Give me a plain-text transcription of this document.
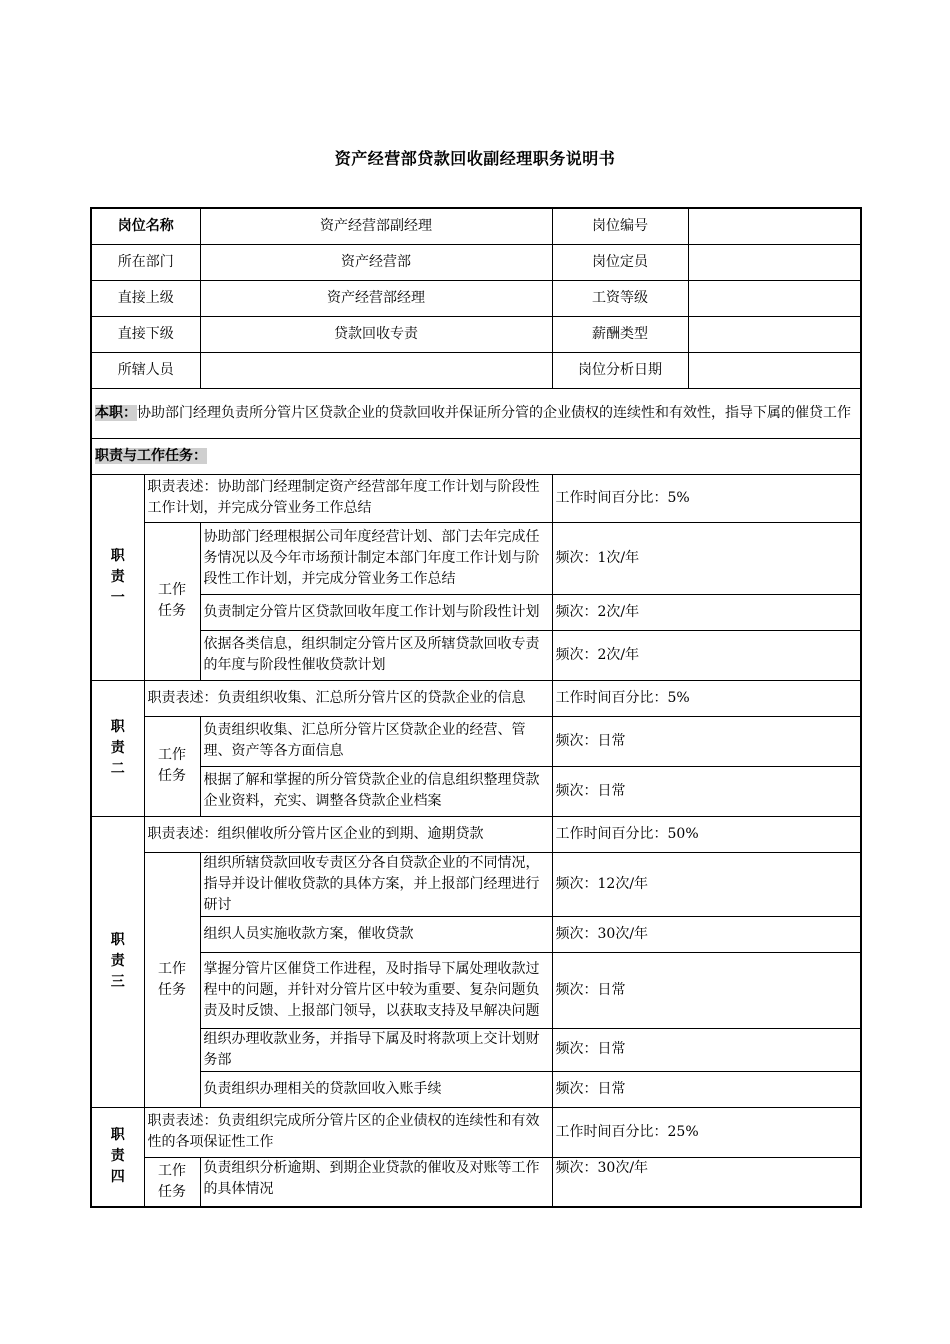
资产经营部贷款回收副经理职务说明书
岗位名称		资产经营部副经理	岗位编号	
所在部门		资产经营部	岗位定员	
直接上级		资产经营部经理	工资等级	
直接下级		贷款回收专责	薪酬类型	
所辖人员			岗位分析日期	
本职：协助部门经理负责所分管片区贷款企业的贷款回收并保证所分管的企业债权的连续性和有效性，指导下属的催贷工作				
职责与工作任务：				

职
责
一	职责表述：协助部门经理制定资产经营部年度工作计划与阶段性工作计划，并完成分管业务工作总结		工作时间百分比：5%	
	工作任务	协助部门经理根据公司年度经营计划、部门去年完成任务情况以及今年市场预计制定本部门年度工作计划与阶段性工作计划，并完成分管业务工作总结	频次：1次/年	
		负责制定分管片区贷款回收年度工作计划与阶段性计划	频次：2次/年	
		依据各类信息，组织制定分管片区及所辖贷款回收专责的年度与阶段性催收贷款计划	频次：2次/年	

职
责
二	职责表述：负责组织收集、汇总所分管片区的贷款企业的信息		工作时间百分比：5%	
	工作任务	负责组织收集、汇总所分管片区贷款企业的经营、管理、资产等各方面信息	频次：日常	
		根据了解和掌握的所分管贷款企业的信息组织整理贷款企业资料，充实、调整各贷款企业档案	频次：日常	

职
责
三	职责表述：组织催收所分管片区企业的到期、逾期贷款		工作时间百分比：50%	
	工作任务	组织所辖贷款回收专责区分各自贷款企业的不同情况，指导并设计催收贷款的具体方案，并上报部门经理进行研讨	频次：12次/年	
		组织人员实施收款方案，催收贷款	频次：30次/年	
		掌握分管片区催贷工作进程，及时指导下属处理收款过程中的问题，并针对分管片区中较为重要、复杂问题负责及时反馈、上报部门领导，以获取支持及早解决问题	频次：日常	
		组织办理收款业务，并指导下属及时将款项上交计划财务部	频次：日常	
		负责组织办理相关的贷款回收入账手续	频次：日常	

职
责
四	职责表述：负责组织完成所分管片区的企业债权的连续性和有效性的各项保证性工作		工作时间百分比：25%	
	工作任务	负责组织分析逾期、到期企业贷款的催收及对账等工作的具体情况	频次：30次/年	
